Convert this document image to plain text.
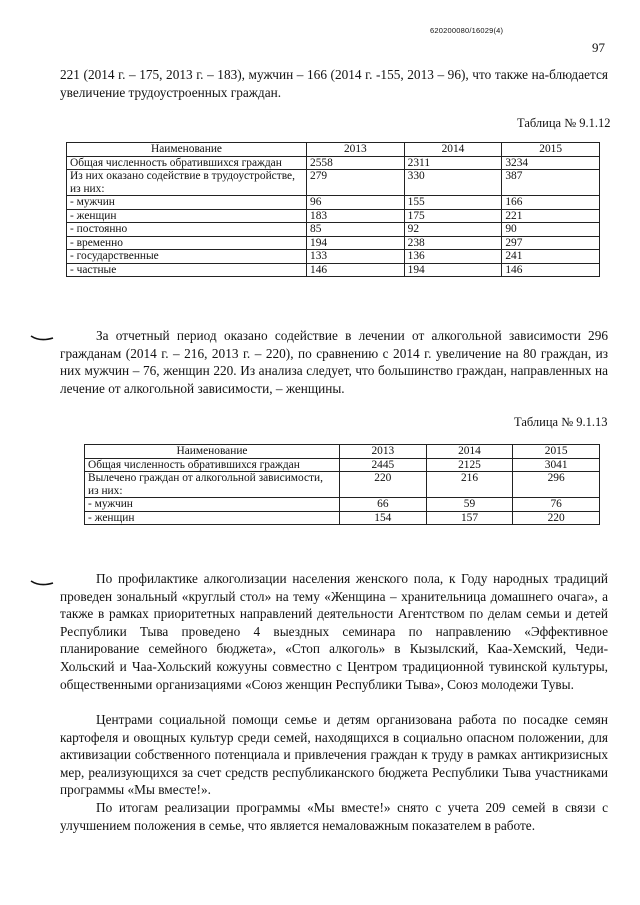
620200080/16029(4)
97

221 (2014 г. – 175, 2013 г. – 183), мужчин – 166 (2014 г. -155, 2013 – 96), что также на-блюдается увеличение трудоустроенных граждан.

Таблица № 9.1.12
Наименование	2013	2014	2015
Общая численность обратившихся граждан	2558	2311	3234
Из них оказано содействие в трудоустройстве, из них:	279	330	387
- мужчин	96	155	166
- женщин	183	175	221
- постоянно	85	92	90
- временно	194	238	297
- государственные	133	136	241
- частные	146	194	146

За отчетный период оказано содействие в лечении от алкогольной зависимости 296 гражданам (2014 г. – 216, 2013 г. – 220), по сравнению с 2014 г. увеличение на 80 граждан, из них мужчин – 76, женщин 220. Из анализа следует, что большинство граждан, направленных на лечение от алкогольной зависимости, – женщины.

Таблица № 9.1.13
Наименование	2013	2014	2015
Общая численность обратившихся граждан	2445	2125	3041
Вылечено граждан от алкогольной зависимости, из них:	220	216	296
- мужчин	66	59	76
- женщин	154	157	220

По профилактике алкоголизации населения женского пола, к Году народных традиций проведен зональный «круглый стол» на тему «Женщина – хранительница домашнего очага», а также в рамках приоритетных направлений деятельности Агентством по делам семьи и детей Республики Тыва проведено 4 выездных семинара по направлению «Эффективное планирование семейного бюджета», «Стоп алкоголь» в Кызылский, Каа-Хемский, Чеди-Хольский и Чаа-Хольский кожууны совместно с Центром традиционной тувинской культуры, общественными организациями «Союз женщин Республики Тыва», Союз молодежи Тувы.

Центрами социальной помощи семье и детям организована работа по посадке семян картофеля и овощных культур среди семей, находящихся в социально опасном положении, для активизации собственного потенциала и привлечения граждан к труду в рамках антикризисных мер, реализующихся за счет средств республиканского бюджета Республики Тыва участниками программы «Мы вместе!».

По итогам реализации программы «Мы вместе!» снято с учета 209 семей в связи с улучшением положения в семье, что является немаловажным показателем в работе.
